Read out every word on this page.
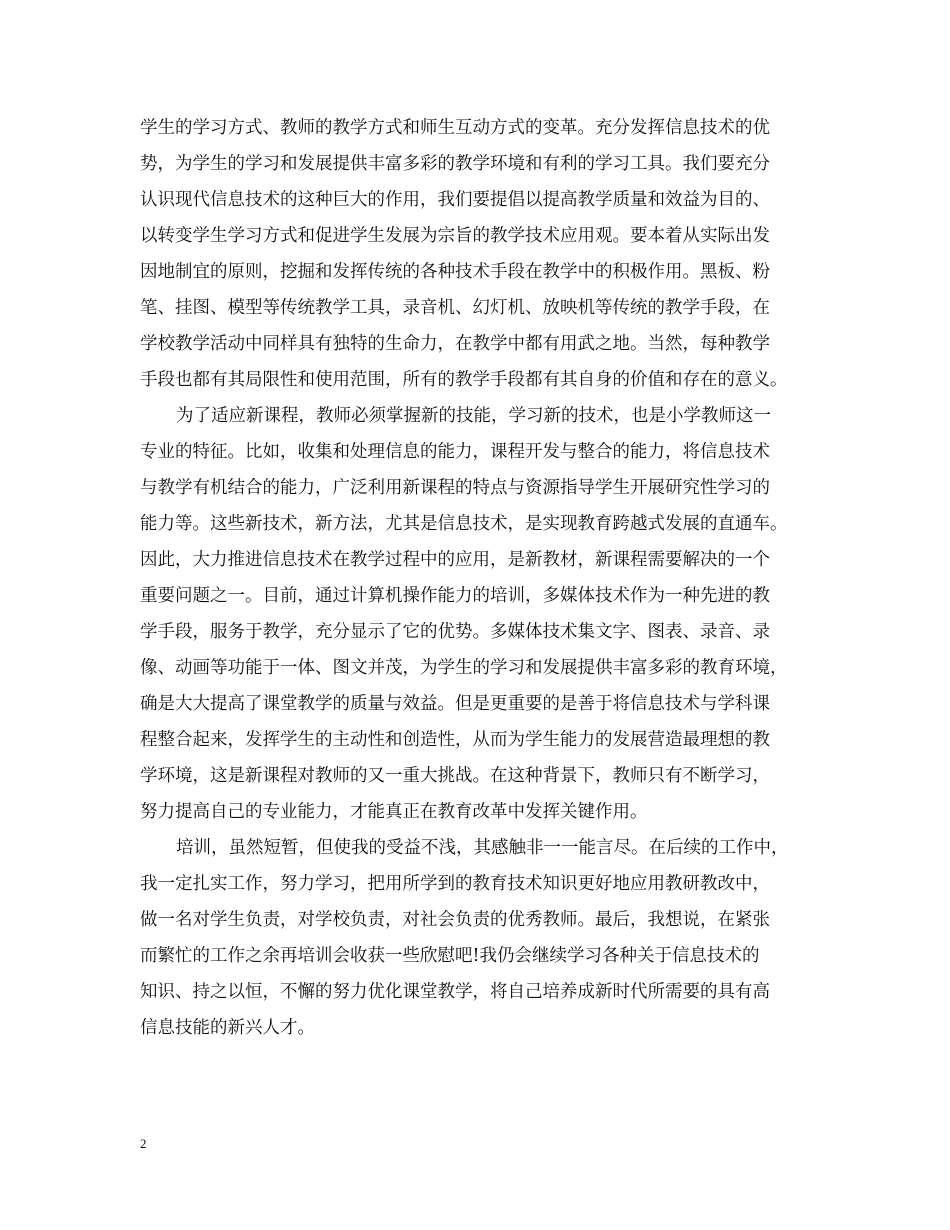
学生的学习方式、教师的教学方式和师生互动方式的变革。充分发挥信息技术的优
势，为学生的学习和发展提供丰富多彩的教学环境和有利的学习工具。我们要充分
认识现代信息技术的这种巨大的作用，我们要提倡以提高教学质量和效益为目的、
以转变学生学习方式和促进学生发展为宗旨的教学技术应用观。要本着从实际出发
因地制宜的原则，挖掘和发挥传统的各种技术手段在教学中的积极作用。黑板、粉
笔、挂图、模型等传统教学工具，录音机、幻灯机、放映机等传统的教学手段，在
学校教学活动中同样具有独特的生命力，在教学中都有用武之地。当然，每种教学
手段也都有其局限性和使用范围，所有的教学手段都有其自身的价值和存在的意义。
为了适应新课程，教师必须掌握新的技能，学习新的技术，也是小学教师这一
专业的特征。比如，收集和处理信息的能力，课程开发与整合的能力，将信息技术
与教学有机结合的能力，广泛利用新课程的特点与资源指导学生开展研究性学习的
能力等。这些新技术，新方法，尤其是信息技术，是实现教育跨越式发展的直通车。
因此，大力推进信息技术在教学过程中的应用，是新教材，新课程需要解决的一个
重要问题之一。目前，通过计算机操作能力的培训，多媒体技术作为一种先进的教
学手段，服务于教学，充分显示了它的优势。多媒体技术集文字、图表、录音、录
像、动画等功能于一体、图文并茂，为学生的学习和发展提供丰富多彩的教育环境，
确是大大提高了课堂教学的质量与效益。但是更重要的是善于将信息技术与学科课
程整合起来，发挥学生的主动性和创造性，从而为学生能力的发展营造最理想的教
学环境，这是新课程对教师的又一重大挑战。在这种背景下，教师只有不断学习，
努力提高自己的专业能力，才能真正在教育改革中发挥关键作用。
培训，虽然短暂，但使我的受益不浅，其感触非一一能言尽。在后续的工作中，
我一定扎实工作，努力学习，把用所学到的教育技术知识更好地应用教研教改中，
做一名对学生负责，对学校负责，对社会负责的优秀教师。最后，我想说，在紧张
而繁忙的工作之余再培训会收获一些欣慰吧!我仍会继续学习各种关于信息技术的
知识、持之以恒，不懈的努力优化课堂教学，将自己培养成新时代所需要的具有高
信息技能的新兴人才。
2
